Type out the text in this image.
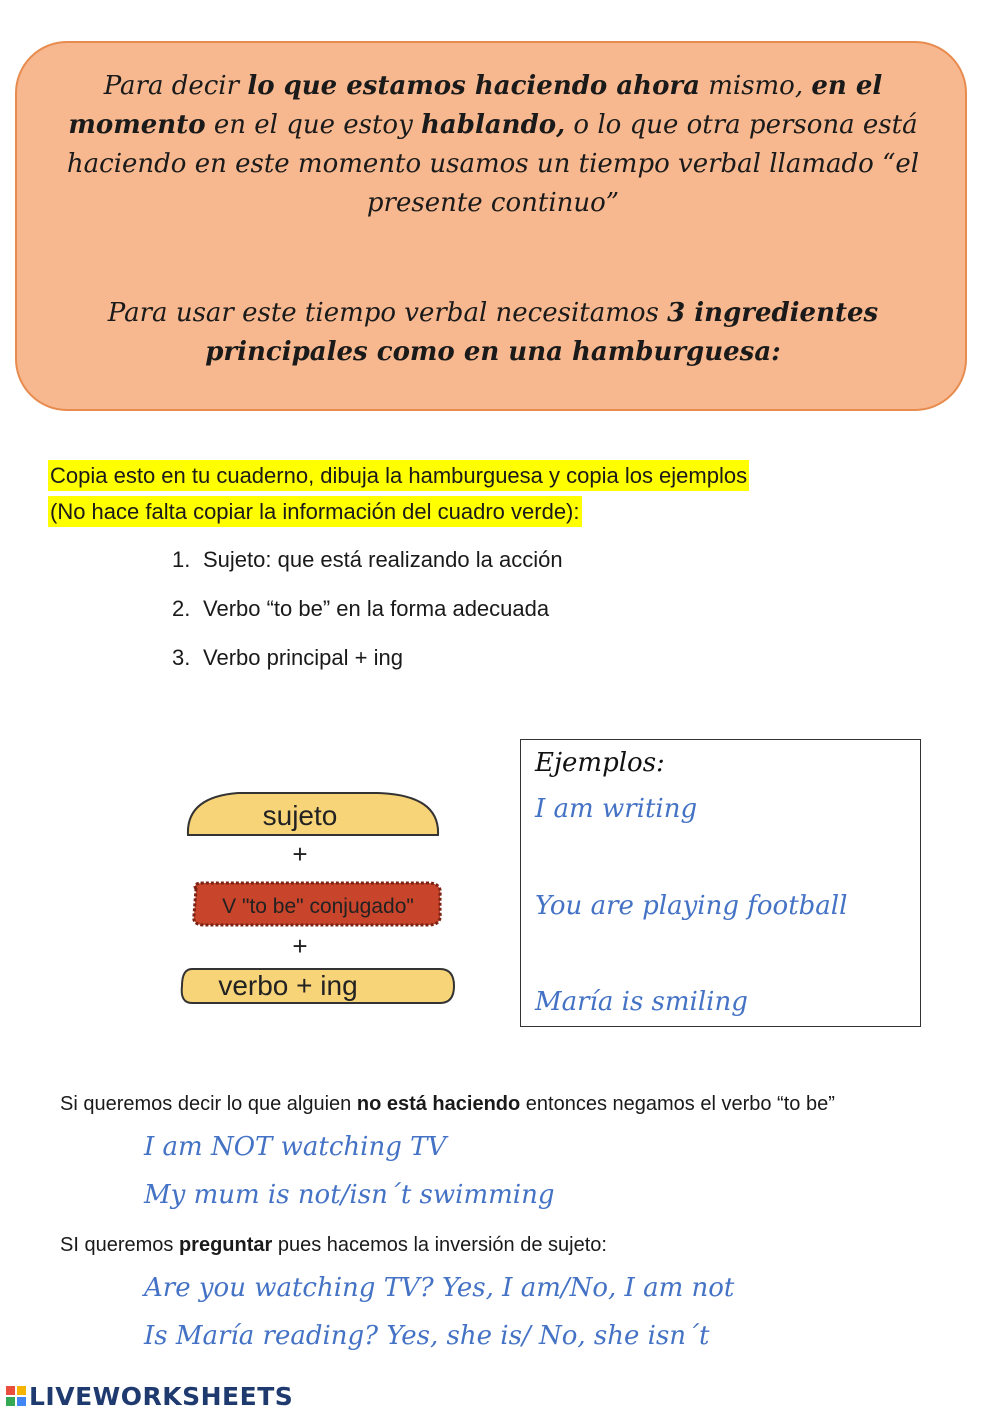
Para decir lo que estamos haciendo ahora mismo, en el momento en el que estoy hablando, o lo que otra persona está haciendo en este momento usamos un tiempo verbal llamado “el presente continuo”

Para usar este tiempo verbal necesitamos 3 ingredientes principales como en una hamburguesa:

Copia esto en tu cuaderno, dibuja la hamburguesa y copia los ejemplos
(No hace falta copiar la información del cuadro verde):
1. Sujeto: que está realizando la acción
2. Verbo “to be” en la forma adecuada
3. Verbo principal + ing
sujeto
+
V "to be" conjugado"
+
verbo + ing
Ejemplos:
I am writing
You are playing football
María is smiling
Si queremos decir lo que alguien no está haciendo entonces negamos el verbo “to be”
I am NOT watching TV
My mum is not/isn´t swimming
SI queremos preguntar pues hacemos la inversión de sujeto:
Are you watching TV? Yes, I am/No, I am not
Is María reading? Yes, she is/ No, she isn´t
LIVEWORKSHEETS
